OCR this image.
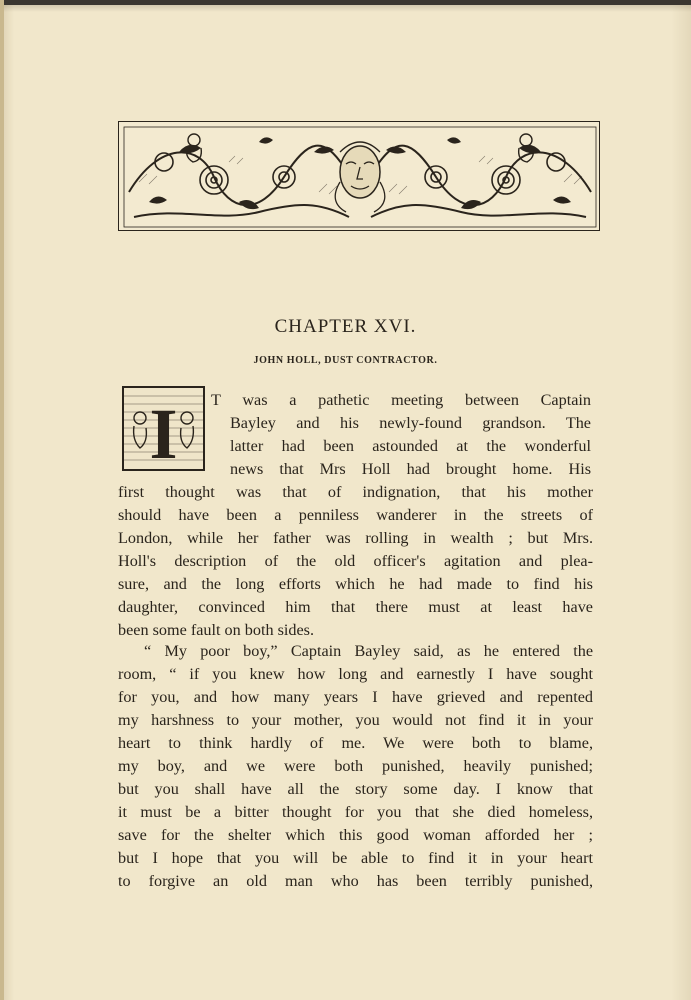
CHAPTER XVI.
JOHN HOLL, DUST CONTRACTOR.
I T was a pathetic meeting between Captain
Bayley and his newly-found grandson. The
latter had been astounded at the wonderful
news that Mrs Holl had brought home. His
first thought was that of indignation, that his mother
should have been a penniless wanderer in the streets of
London, while her father was rolling in wealth ; but Mrs.
Holl's description of the old officer's agitation and plea-
sure, and the long efforts which he had made to find his
daughter, convinced him that there must at least have
been some fault on both sides.
“ My poor boy,” Captain Bayley said, as he entered the
room, “ if you knew how long and earnestly I have sought
for you, and how many years I have grieved and repented
my harshness to your mother, you would not find it in your
heart to think hardly of me. We were both to blame,
my boy, and we were both punished, heavily punished;
but you shall have all the story some day. I know that
it must be a bitter thought for you that she died homeless,
save for the shelter which this good woman afforded her ;
but I hope that you will be able to find it in your heart
to forgive an old man who has been terribly punished,
